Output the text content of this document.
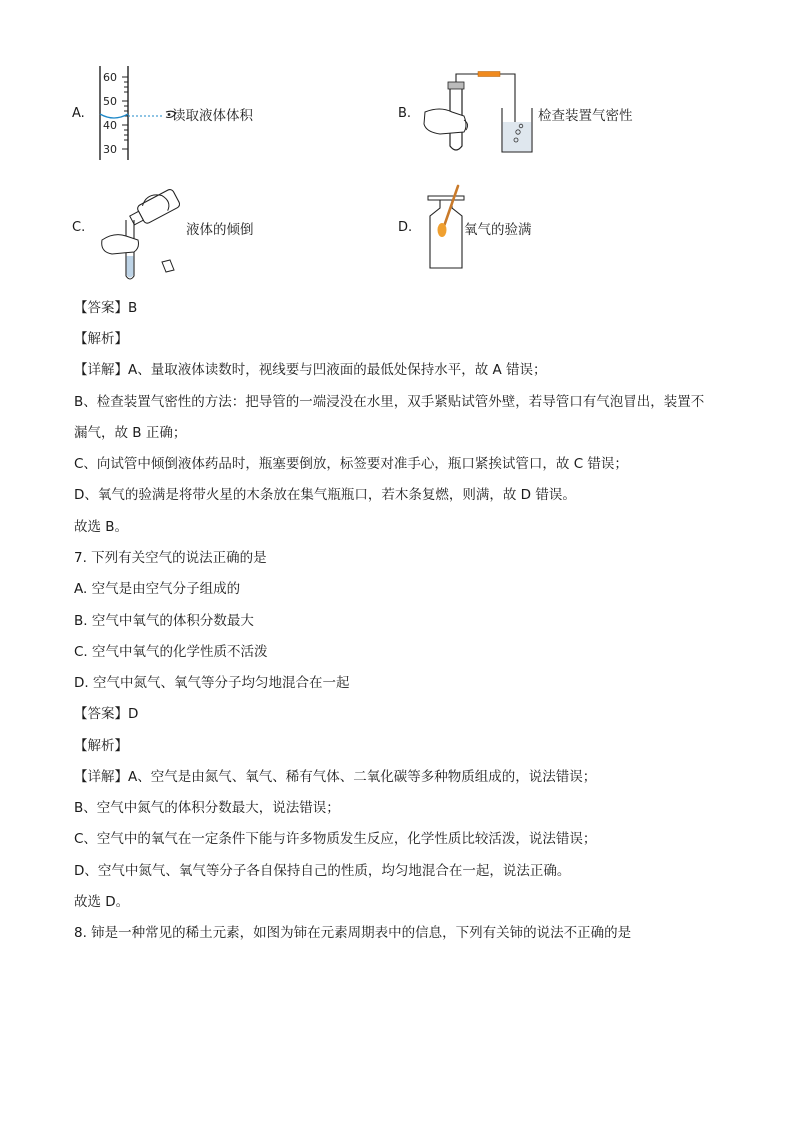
A.
60
50
40
30
读取液体体积	B.	检查装置气密性
C.	液体的倾倒	D.	氧气的验满
【答案】B
【解析】
【详解】A、量取液体读数时，视线要与凹液面的最低处保持水平，故 A 错误；
B、检查装置气密性的方法：把导管的一端浸没在水里，双手紧贴试管外壁，若导管口有气泡冒出，装置不
漏气，故 B 正确；
C、向试管中倾倒液体药品时，瓶塞要倒放，标签要对准手心，瓶口紧挨试管口，故 C 错误；
D、氧气的验满是将带火星的木条放在集气瓶瓶口，若木条复燃，则满，故 D 错误。
故选 B。
7. 下列有关空气的说法正确的是
A. 空气是由空气分子组成的
B. 空气中氧气的体积分数最大
C. 空气中氧气的化学性质不活泼
D. 空气中氮气、氧气等分子均匀地混合在一起
【答案】D
【解析】
【详解】A、空气是由氮气、氧气、稀有气体、二氧化碳等多种物质组成的，说法错误；
B、空气中氮气的体积分数最大，说法错误；
C、空气中的氧气在一定条件下能与许多物质发生反应，化学性质比较活泼，说法错误；
D、空气中氮气、氧气等分子各自保持自己的性质，均匀地混合在一起，说法正确。
故选 D。
8. 铈是一种常见的稀土元素，如图为铈在元素周期表中的信息，下列有关铈的说法不正确的是
